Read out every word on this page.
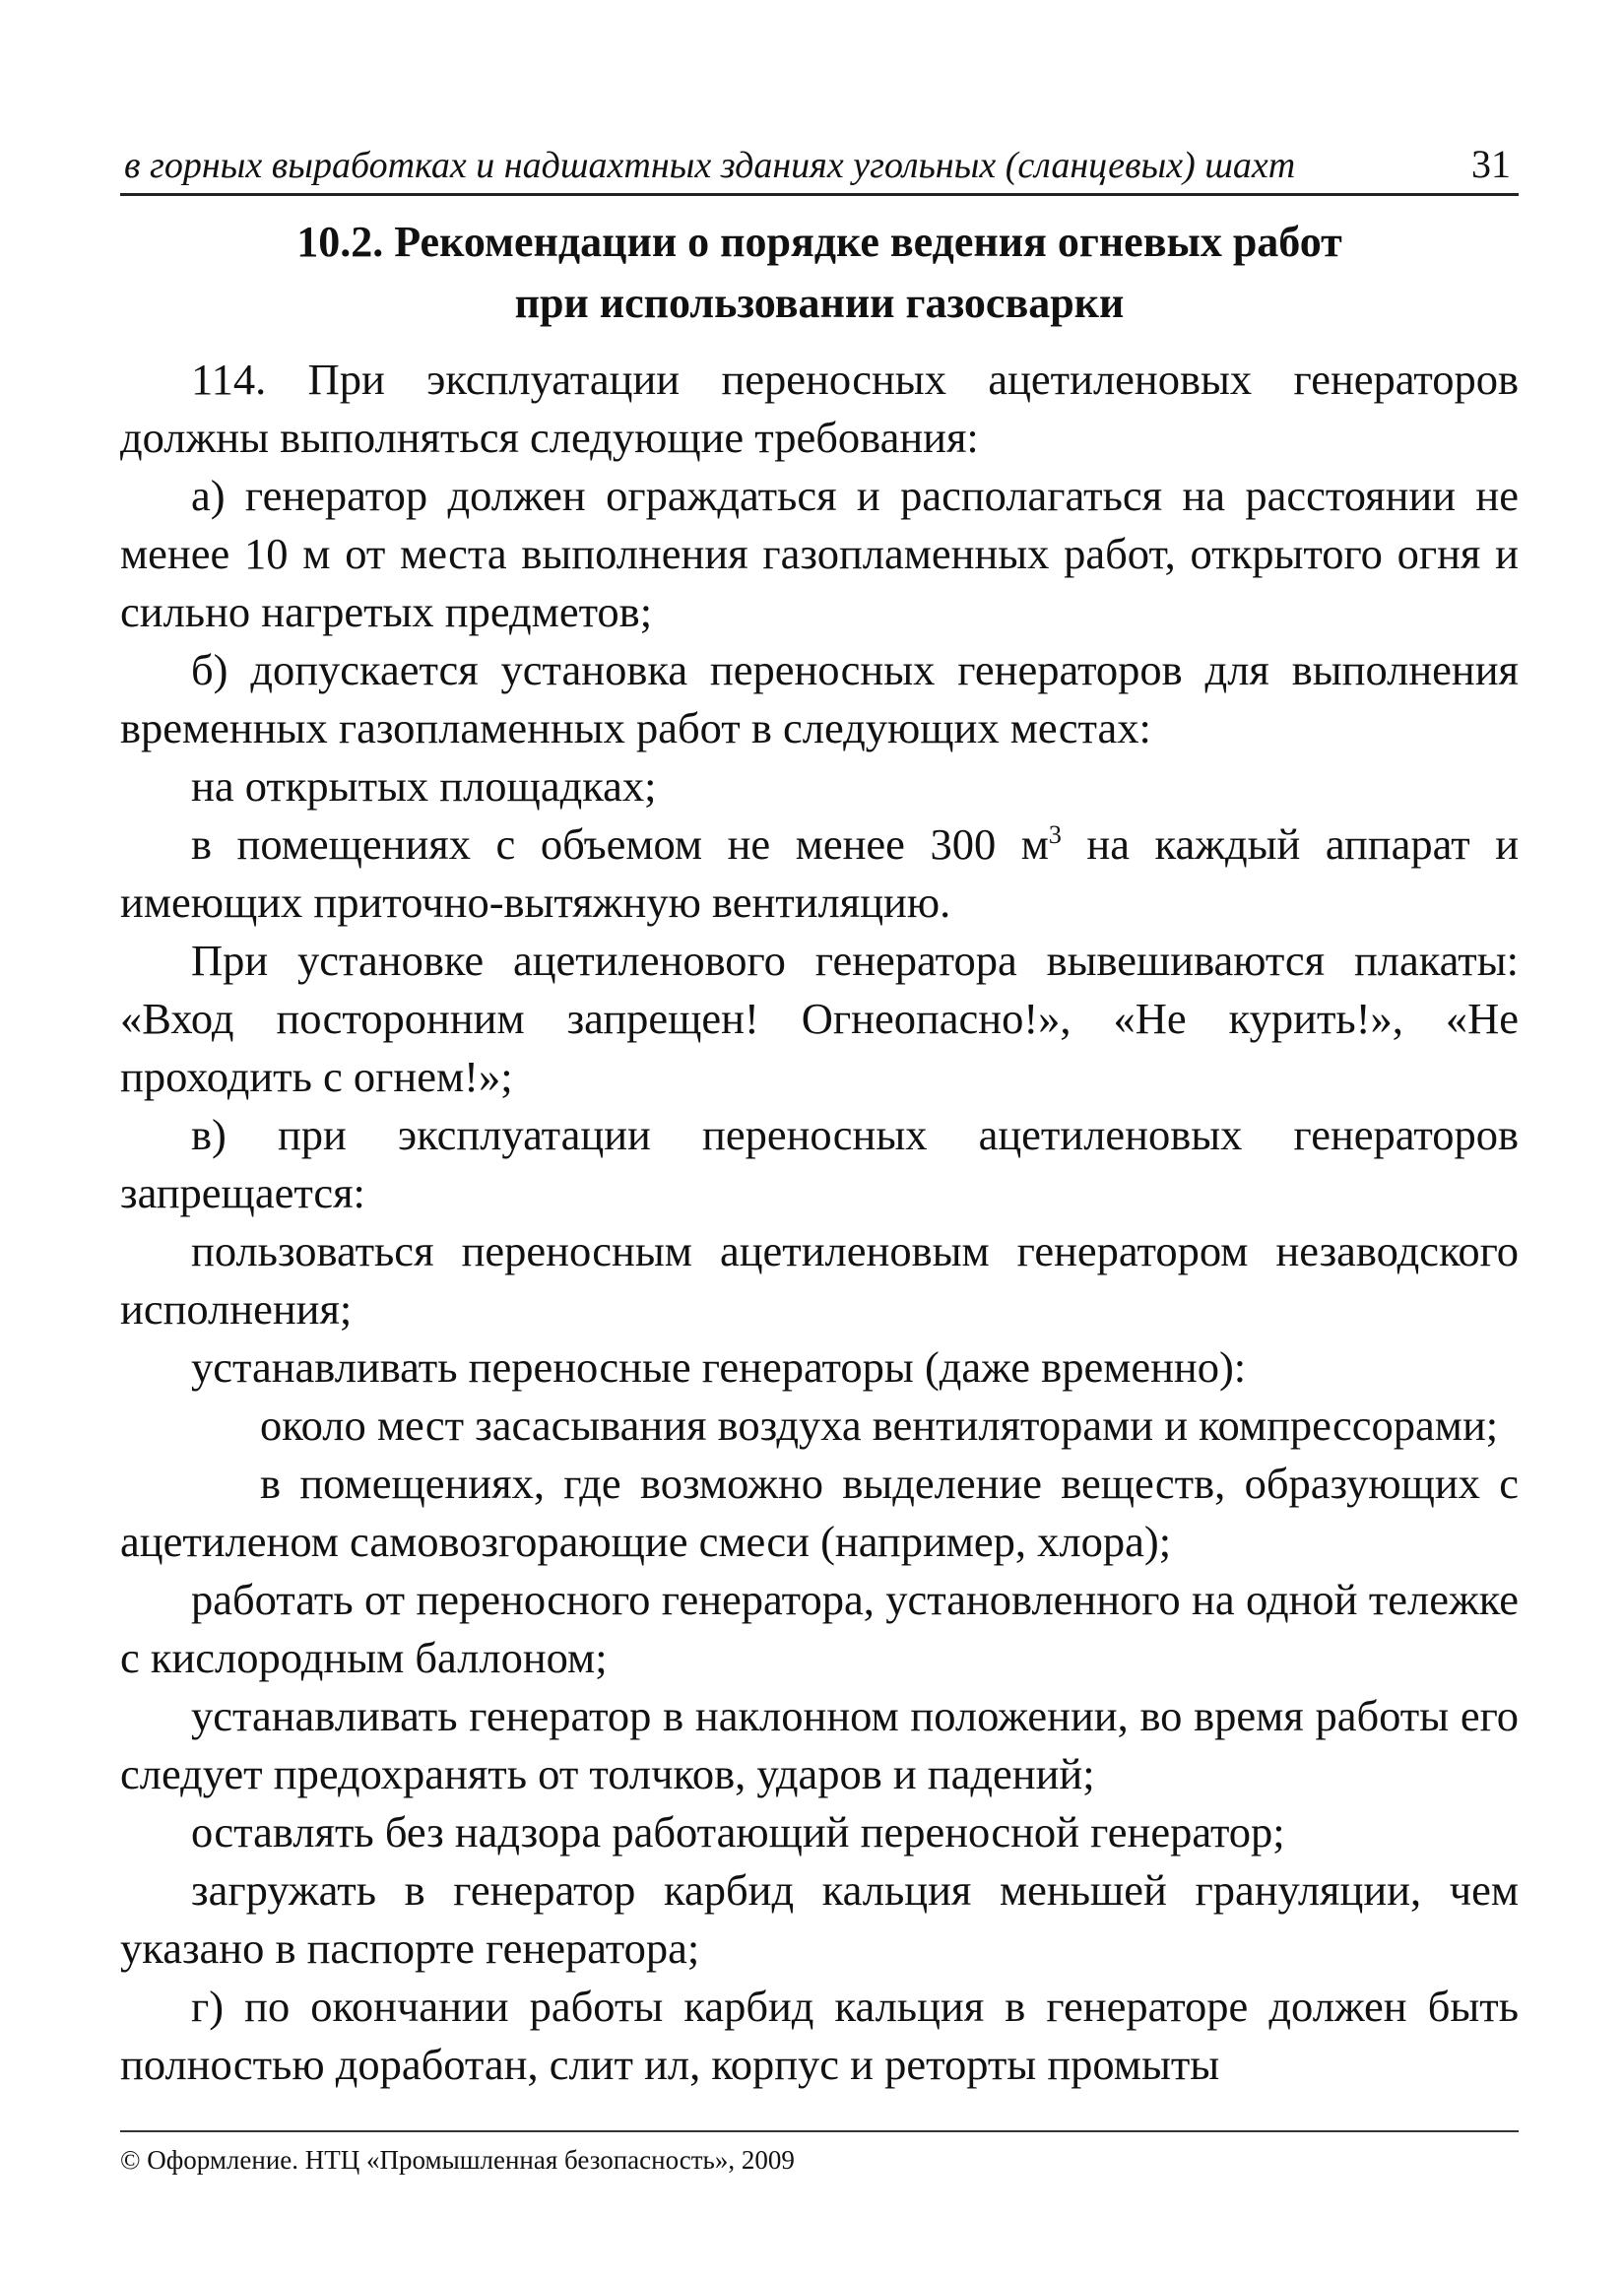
в горных выработках и надшахтных зданиях угольных (сланцевых) шахт	31
10.2. Рекомендации о порядке ведения огневых работ
при использовании газосварки

114. При эксплуатации переносных ацетиленовых генераторов должны выполняться следующие требования:

а) генератор должен ограждаться и располагаться на расстоянии не менее 10 м от места выполнения газопламенных работ, открытого огня и сильно нагретых предметов;

б) допускается установка переносных генераторов для выполнения временных газопламенных работ в следующих местах:

на открытых площадках;

в помещениях с объемом не менее 300 $м^3$ на каждый аппарат и имеющих приточно-вытяжную вентиляцию.

При установке ацетиленового генератора вывешиваются плакаты: «Вход посторонним запрещен! Огнеопасно!», «Не курить!», «Не проходить с огнем!»;

в) при эксплуатации переносных ацетиленовых генераторов запрещается:

пользоваться переносным ацетиленовым генератором незаводского исполнения;

устанавливать переносные генераторы (даже временно):

около мест засасывания воздуха вентиляторами и компрессорами;

в помещениях, где возможно выделение веществ, образующих с ацетиленом самовозгорающие смеси (например, хлора);

работать от переносного генератора, установленного на одной тележке с кислородным баллоном;

устанавливать генератор в наклонном положении, во время работы его следует предохранять от толчков, ударов и падений;

оставлять без надзора работающий переносной генератор;

загружать в генератор карбид кальция меньшей грануляции, чем указано в паспорте генератора;

г) по окончании работы карбид кальция в генераторе должен быть полностью доработан, слит ил, корпус и реторты промыты

© Оформление. НТЦ «Промышленная безопасность», 2009
